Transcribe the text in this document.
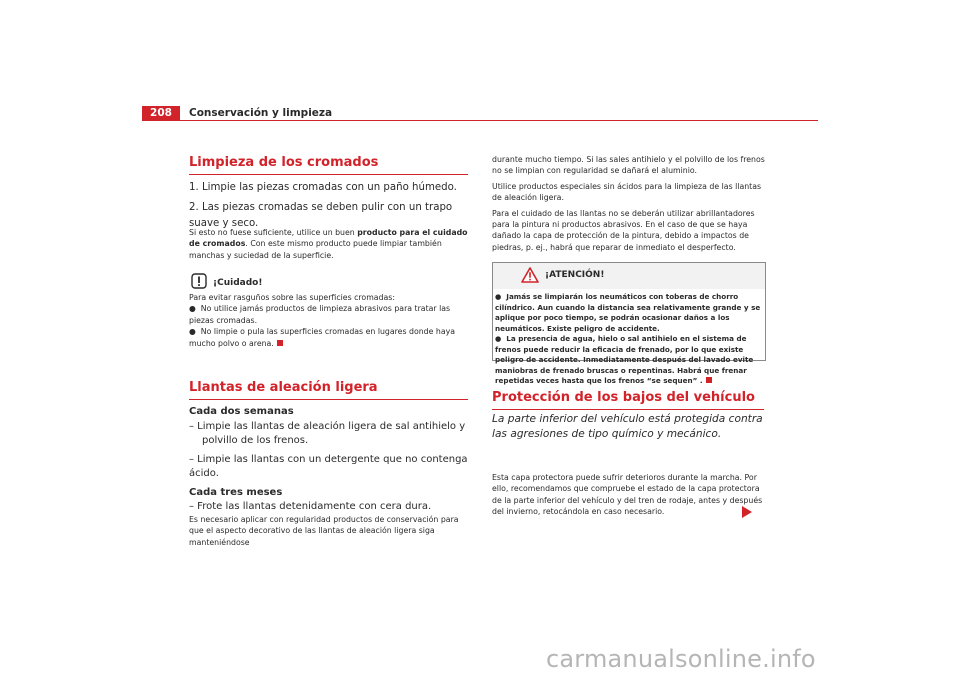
208	Conservación y limpieza
Limpieza de los cromados
1. Limpie las piezas cromadas con un paño húmedo.
2. Las piezas cromadas se deben pulir con un trapo suave y seco.
Si esto no fuese suficiente, utilice un buen producto para el cuidado de cromados. Con este mismo producto puede limpiar también manchas y suciedad de la superficie.
¡Cuidado!
Para evitar rasguños sobre las superficies cromadas:
●  No utilice jamás productos de limpieza abrasivos para tratar las piezas cromadas.
●  No limpie o pula las superficies cromadas en lugares donde haya mucho polvo o arena.
Llantas de aleación ligera
Cada dos semanas
– Limpie las llantas de aleación ligera de sal antihielo y polvillo de los frenos.
– Limpie las llantas con un detergente que no contenga ácido.
Cada tres meses
– Frote las llantas detenidamente con cera dura.
Es necesario aplicar con regularidad productos de conservación para que el aspecto decorativo de las llantas de aleación ligera siga manteniéndose
durante mucho tiempo. Si las sales antihielo y el polvillo de los frenos no se limpian con regularidad se dañará el aluminio.
Utilice productos especiales sin ácidos para la limpieza de las llantas de aleación ligera.
Para el cuidado de las llantas no se deberán utilizar abrillantadores para la pintura ni productos abrasivos. En el caso de que se haya dañado la capa de protección de la pintura, debido a impactos de piedras, p. ej., habrá que reparar de inmediato el desperfecto.
¡ATENCIÓN!
●  Jamás se limpiarán los neumáticos con toberas de chorro cilíndrico. Aun cuando la distancia sea relativamente grande y se aplique por poco tiempo, se podrán ocasionar daños a los neumáticos. Existe peligro de accidente.
●  La presencia de agua, hielo o sal antihielo en el sistema de frenos puede reducir la eficacia de frenado, por lo que existe peligro de accidente. Inmediatamente después del lavado evite maniobras de frenado bruscas o repentinas. Habrá que frenar repetidas veces hasta que los frenos “se sequen” .
Protección de los bajos del vehículo
La parte inferior del vehículo está protegida contra las agresiones de tipo químico y mecánico.
Esta capa protectora puede sufrir deterioros durante la marcha. Por ello, recomendamos que compruebe el estado de la capa protectora de la parte inferior del vehículo y del tren de rodaje, antes y después del invierno, retocándola en caso necesario.
carmanualsonline.info
